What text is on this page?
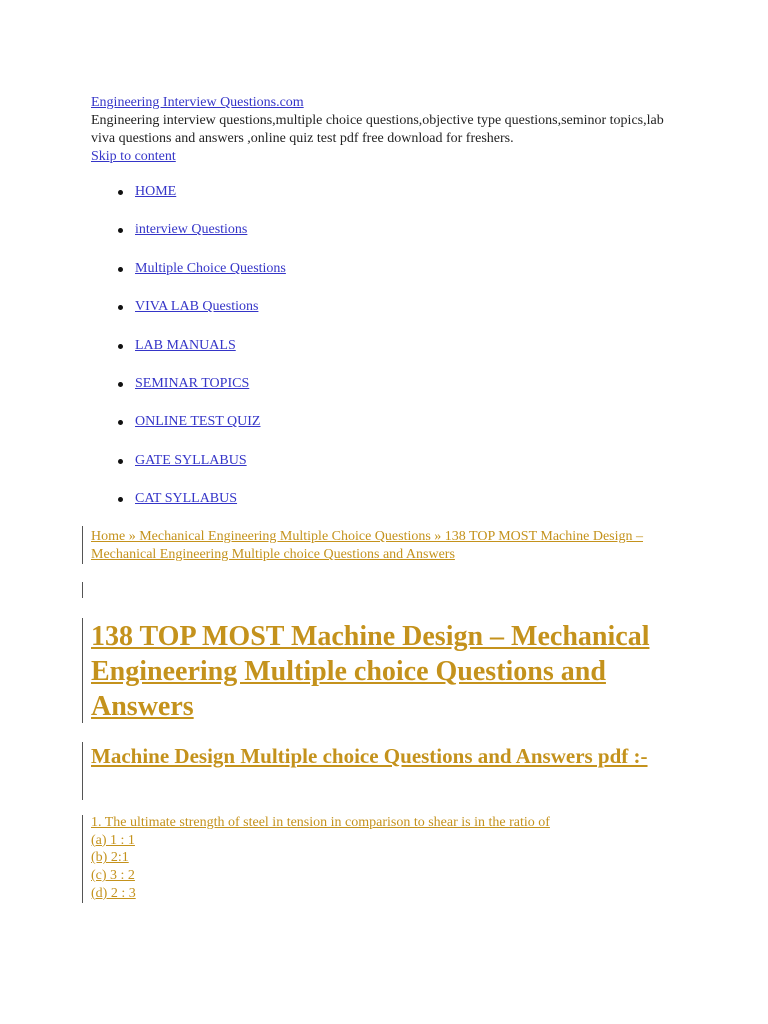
Engineering Interview Questions.com
Engineering interview questions,multiple choice questions,objective type questions,seminor topics,lab viva questions and answers ,online quiz test pdf free download for freshers.
Skip to content
HOME
interview Questions
Multiple Choice Questions
VIVA LAB Questions
LAB MANUALS
SEMINAR TOPICS
ONLINE TEST QUIZ
GATE SYLLABUS
CAT SYLLABUS
Home » Mechanical Engineering Multiple Choice Questions » 138 TOP MOST Machine Design – Mechanical Engineering Multiple choice Questions and Answers
138 TOP MOST Machine Design – Mechanical Engineering Multiple choice Questions and Answers
Machine Design Multiple choice Questions and Answers pdf :-
1. The ultimate strength of steel in tension in comparison to shear is in the ratio of
(a) 1 : 1
(b) 2:1
(c) 3 : 2
(d) 2 : 3
